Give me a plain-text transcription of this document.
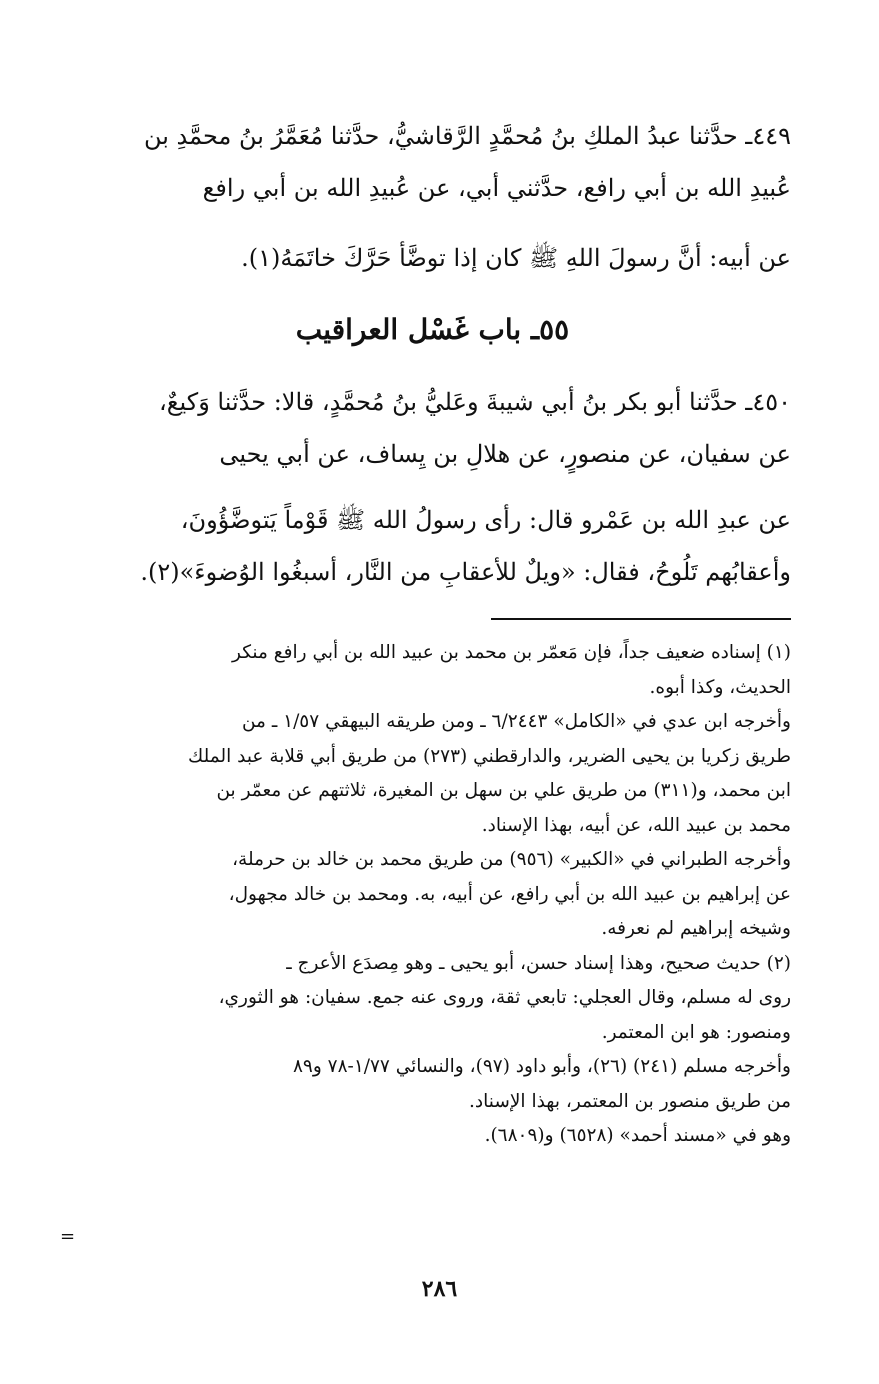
٤٤٩ـ حدَّثنا عبدُ الملكِ بنُ مُحمَّدٍ الرَّقاشيُّ، حدَّثنا مُعَمَّرُ بنُ محمَّدِ بن
عُبيدِ الله بن أبي رافع، حدَّثني أبي، عن عُبيدِ الله بن أبي رافع
عن أبيه: أنَّ رسولَ اللهِ ﷺ كان إذا توضَّأ حَرَّكَ خاتَمَهُ(١).
٥٥ـ باب غَسْل العراقيب
٤٥٠ـ حدَّثنا أبو بكر بنُ أبي شيبةَ وعَليُّ بنُ مُحمَّدٍ، قالا: حدَّثنا وَكيعٌ،
عن سفيان، عن منصورٍ، عن هلالِ بن يِساف، عن أبي يحيى
عن عبدِ الله بن عَمْرو قال: رأى رسولُ الله ﷺ قَوْماً يَتوضَّؤُونَ،
وأعقابُهم تَلُوحُ، فقال: «ويلٌ للأعقابِ من النَّار، أسبغُوا الوُضوءَ»(٢).
(١) إسناده ضعيف جداً، فإن مَعمّر بن محمد بن عبيد الله بن أبي رافع منكر
الحديث، وكذا أبوه.
وأخرجه ابن عدي في «الكامل» ٦/٢٤٤٣ ـ ومن طريقه البيهقي ١/٥٧ ـ من
طريق زكريا بن يحيى الضرير، والدارقطني (٢٧٣) من طريق أبي قلابة عبد الملك
ابن محمد، و(٣١١) من طريق علي بن سهل بن المغيرة، ثلاثتهم عن معمّر بن
محمد بن عبيد الله، عن أبيه، بهذا الإسناد.
وأخرجه الطبراني في «الكبير» (٩٥٦) من طريق محمد بن خالد بن حرملة،
عن إبراهيم بن عبيد الله بن أبي رافع، عن أبيه، به. ومحمد بن خالد مجهول،
وشيخه إبراهيم لم نعرفه.
(٢) حديث صحيح، وهذا إسناد حسن، أبو يحيى ـ وهو مِصدَع الأعرج ـ
روى له مسلم، وقال العجلي: تابعي ثقة، وروى عنه جمع. سفيان: هو الثوري،
ومنصور: هو ابن المعتمر.
وأخرجه مسلم (٢٤١) (٢٦)، وأبو داود (٩٧)، والنسائي ١/٧٧-٧٨ و٨٩
من طريق منصور بن المعتمر، بهذا الإسناد.
وهو في «مسند أحمد» (٦٥٢٨) و(٦٨٠٩).
=
٢٨٦
